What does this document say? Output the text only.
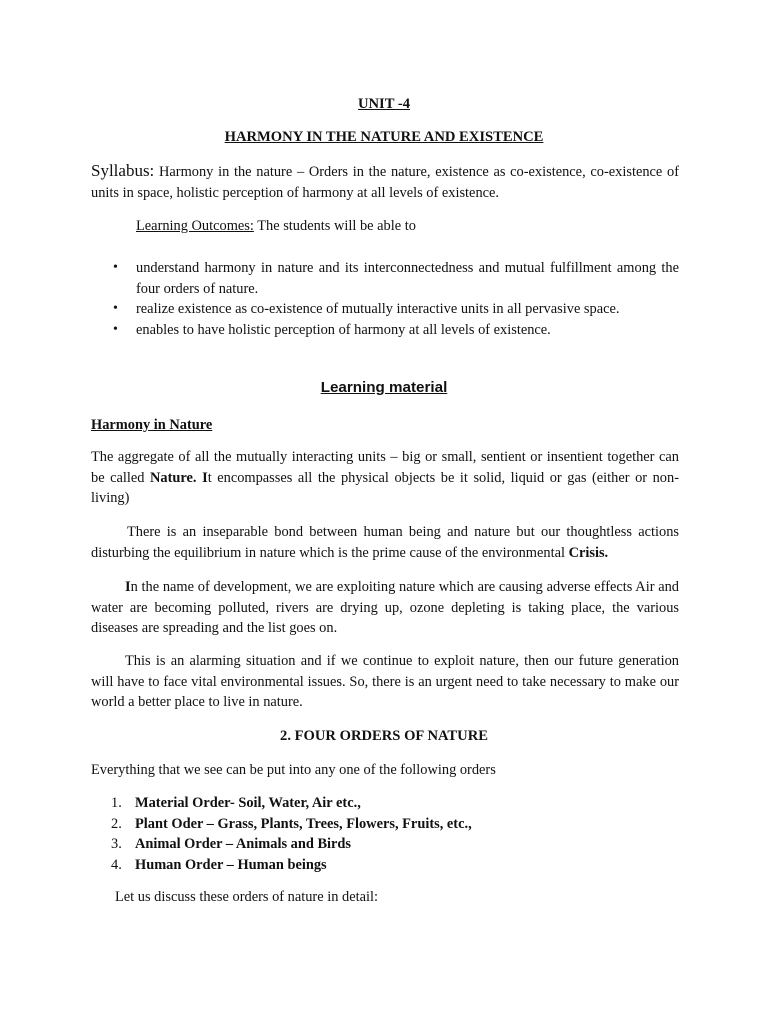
UNIT -4

HARMONY IN THE NATURE AND EXISTENCE

Syllabus: Harmony in the nature – Orders in the nature, existence as co-existence, co-existence of units in space, holistic perception of harmony at all levels of existence.

Learning Outcomes: The students will be able to

• understand harmony in nature and its interconnectedness and mutual fulfillment among the four orders of nature.
• realize existence as co-existence of mutually interactive units in all pervasive space.
• enables to have holistic perception of harmony at all levels of existence.

Learning material

Harmony in Nature

The aggregate of all the mutually interacting units – big or small, sentient or insentient together can be called Nature. It encompasses all the physical objects be it solid, liquid or gas (either or non-living)

There is an inseparable bond between human being and nature but our thoughtless actions disturbing the equilibrium in nature which is the prime cause of the environmental Crisis.

In the name of development, we are exploiting nature which are causing adverse effects Air and water are becoming polluted, rivers are drying up, ozone depleting is taking place, the various diseases are spreading and the list goes on.

This is an alarming situation and if we continue to exploit nature, then our future generation will have to face vital environmental issues. So, there is an urgent need to take necessary to make our world a better place to live in nature.

2. FOUR ORDERS OF NATURE

Everything that we see can be put into any one of the following orders

1. Material Order- Soil, Water, Air etc.,
2. Plant Oder – Grass, Plants, Trees, Flowers, Fruits, etc.,
3. Animal Order – Animals and Birds
4. Human Order – Human beings

Let us discuss these orders of nature in detail:
